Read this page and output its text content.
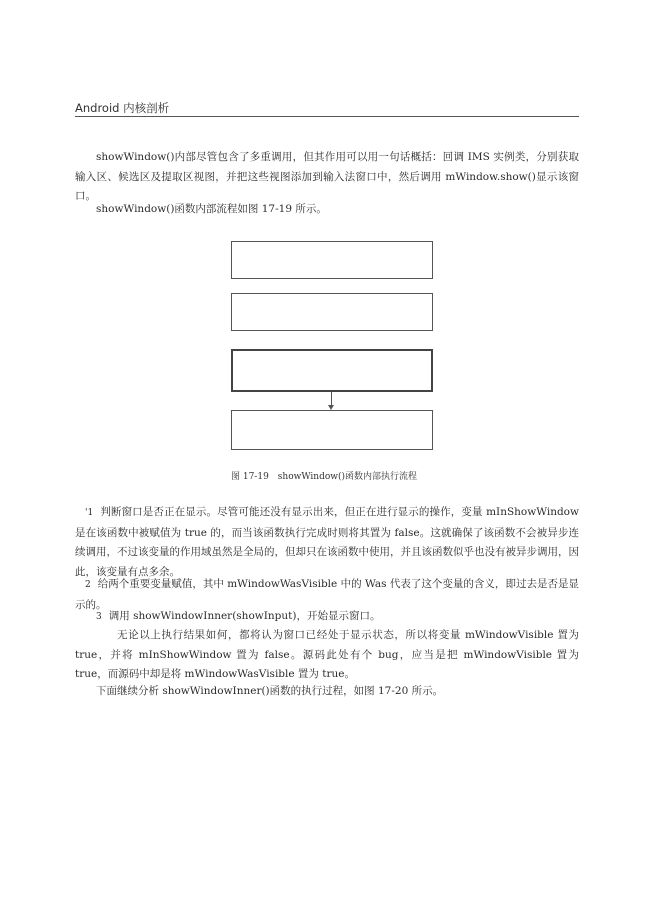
Android 内核剖析

showWindow()内部尽管包含了多重调用，但其作用可以用一句话概括：回调 IMS 实例类，分别获取输入区、候选区及提取区视图，并把这些视图添加到输入法窗口中，然后调用 mWindow.show()显示该窗口。

showWindow()函数内部流程如图 17-19 所示。

图 17-19　showWindow()函数内部执行流程
'1 判断窗口是否正在显示。尽管可能还没有显示出来，但正在进行显示的操作，变量 mInShowWindow 是在该函数中被赋值为 true 的，而当该函数执行完成时则将其置为 false。这就确保了该函数不会被异步连续调用，不过该变量的作用域虽然是全局的，但却只在该函数中使用，并且该函数似乎也没有被异步调用，因此，该变量有点多余。
2 给两个重要变量赋值，其中 mWindowWasVisible 中的 Was 代表了这个变量的含义，即过去是否是显示的。
3 调用 showWindowInner(showInput)，开始显示窗口。
无论以上执行结果如何，都将认为窗口已经处于显示状态，所以将变量 mWindowVisible 置为 true，并将 mInShowWindow 置为 false。源码此处有个 bug，应当是把 mWindowVisible 置为 true，而源码中却是将 mWindowWasVisible 置为 true。
下面继续分析 showWindowInner()函数的执行过程，如图 17-20 所示。
